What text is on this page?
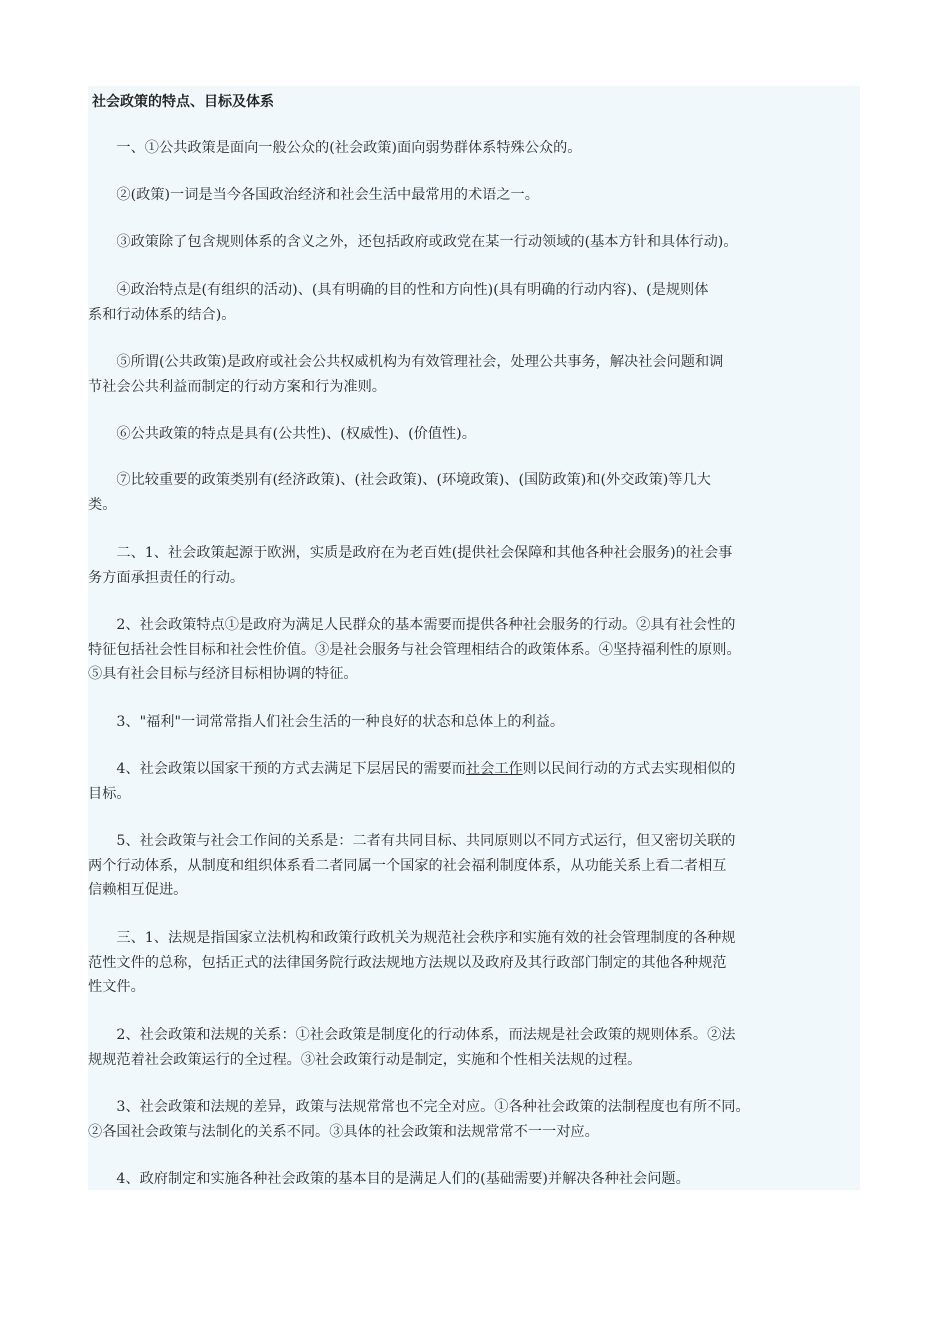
社会政策的特点、目标及体系
　　一、①公共政策是面向一般公众的(社会政策)面向弱势群体系特殊公众的。
　　②(政策)一词是当今各国政治经济和社会生活中最常用的术语之一。
　　③政策除了包含规则体系的含义之外，还包括政府或政党在某一行动领域的(基本方针和具体行动)。
　　④政治特点是(有组织的活动)、(具有明确的目的性和方向性)(具有明确的行动内容)、(是规则体
系和行动体系的结合)。
　　⑤所谓(公共政策)是政府或社会公共权威机构为有效管理社会，处理公共事务，解决社会问题和调
节社会公共利益而制定的行动方案和行为准则。
　　⑥公共政策的特点是具有(公共性)、(权威性)、(价值性)。
　　⑦比较重要的政策类别有(经济政策)、(社会政策)、(环境政策)、(国防政策)和(外交政策)等几大
类。
　　二、1、社会政策起源于欧洲，实质是政府在为老百姓(提供社会保障和其他各种社会服务)的社会事
务方面承担责任的行动。
　　2、社会政策特点①是政府为满足人民群众的基本需要而提供各种社会服务的行动。②具有社会性的
特征包括社会性目标和社会性价值。③是社会服务与社会管理相结合的政策体系。④坚持福利性的原则。
⑤具有社会目标与经济目标相协调的特征。
　　3、"福利"一词常常指人们社会生活的一种良好的状态和总体上的利益。
　　4、社会政策以国家干预的方式去满足下层居民的需要而社会工作则以民间行动的方式去实现相似的
目标。
　　5、社会政策与社会工作间的关系是：二者有共同目标、共同原则以不同方式运行，但又密切关联的
两个行动体系，从制度和组织体系看二者同属一个国家的社会福利制度体系，从功能关系上看二者相互
信赖相互促进。
　　三、1、法规是指国家立法机构和政策行政机关为规范社会秩序和实施有效的社会管理制度的各种规
范性文件的总称，包括正式的法律国务院行政法规地方法规以及政府及其行政部门制定的其他各种规范
性文件。
　　2、社会政策和法规的关系：①社会政策是制度化的行动体系，而法规是社会政策的规则体系。②法
规规范着社会政策运行的全过程。③社会政策行动是制定，实施和个性相关法规的过程。
　　3、社会政策和法规的差异，政策与法规常常也不完全对应。①各种社会政策的法制程度也有所不同。
②各国社会政策与法制化的关系不同。③具体的社会政策和法规常常不一一对应。
　　4、政府制定和实施各种社会政策的基本目的是满足人们的(基础需要)并解决各种社会问题。
